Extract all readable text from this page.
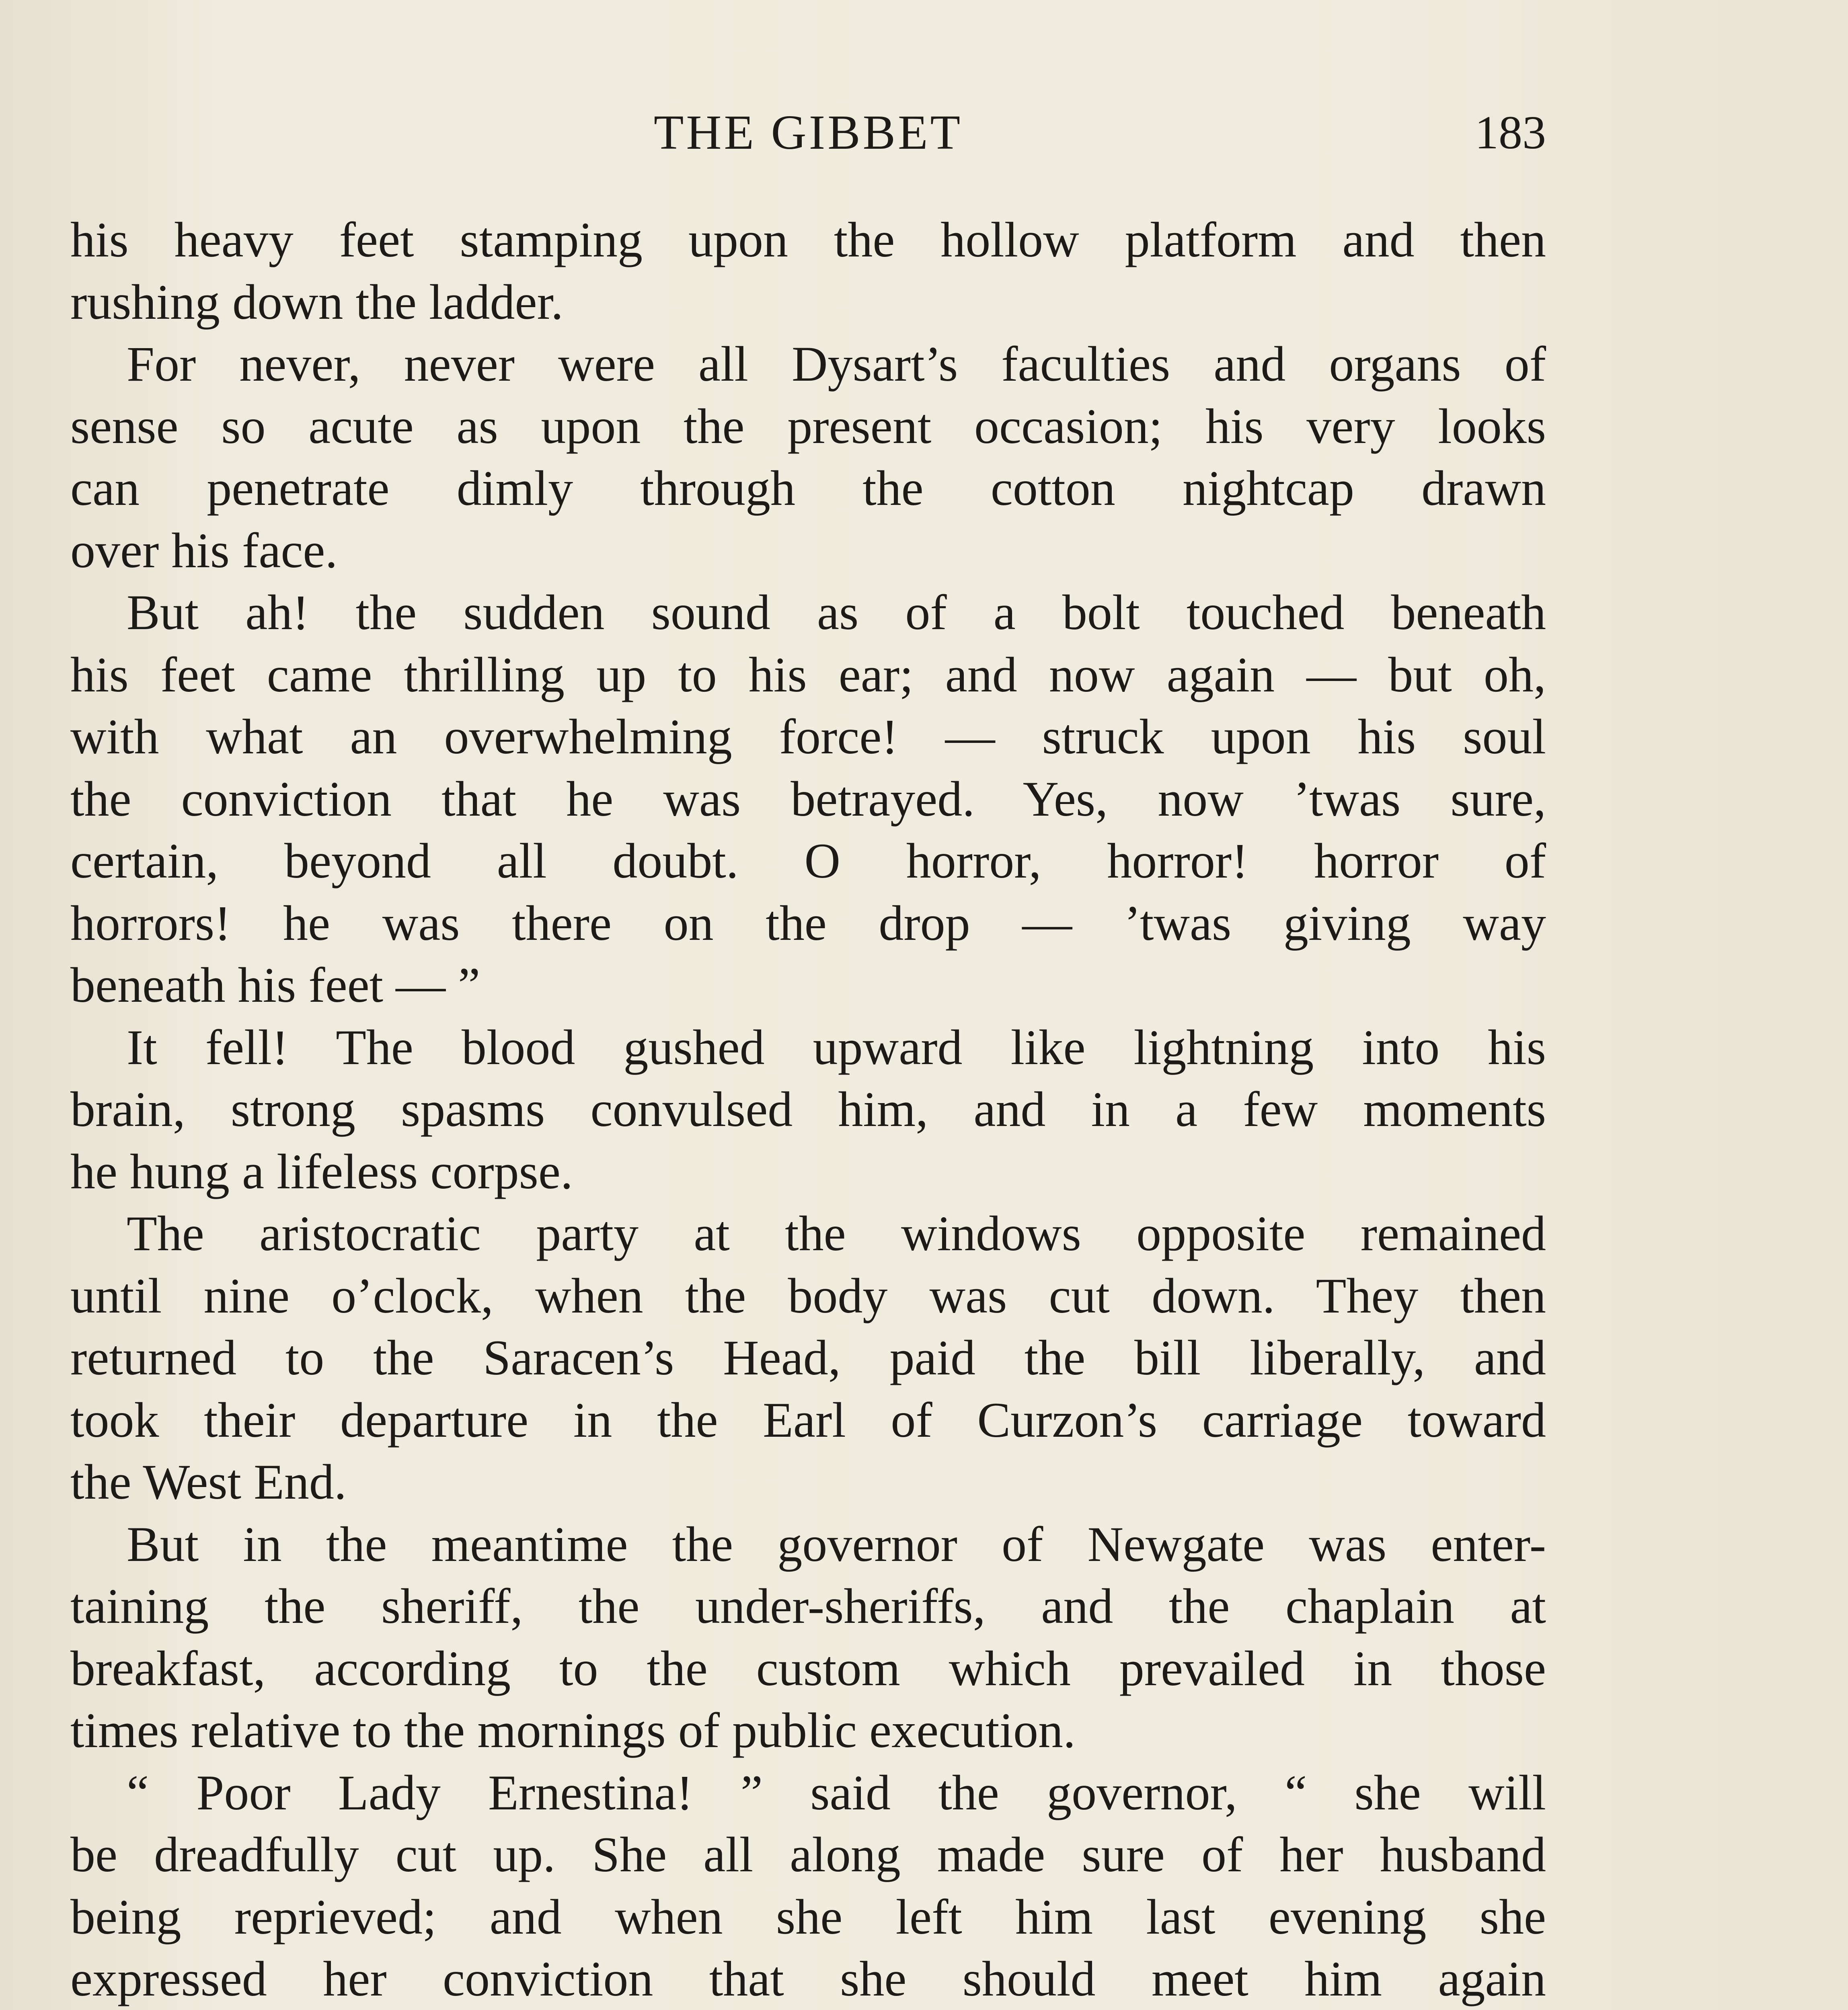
THE GIBBET	183
his heavy feet stamping upon the hollow platform and then
rushing down the ladder.
For never, never were all Dysart’s faculties and organs of
sense so acute as upon the present occasion; his very looks
can penetrate dimly through the cotton nightcap drawn
over his face.
But ah! the sudden sound as of a bolt touched beneath
his feet came thrilling up to his ear; and now again — but oh,
with what an overwhelming force! — struck upon his soul
the conviction that he was betrayed. Yes, now ’twas sure,
certain, beyond all doubt. O horror, horror! horror of
horrors! he was there on the drop — ’twas giving way
beneath his feet — ”
It fell! The blood gushed upward like lightning into his
brain, strong spasms convulsed him, and in a few moments
he hung a lifeless corpse.
The aristocratic party at the windows opposite remained
until nine o’clock, when the body was cut down. They then
returned to the Saracen’s Head, paid the bill liberally, and
took their departure in the Earl of Curzon’s carriage toward
the West End.
But in the meantime the governor of Newgate was enter-
taining the sheriff, the under-sheriffs, and the chaplain at
breakfast, according to the custom which prevailed in those
times relative to the mornings of public execution.
“ Poor Lady Ernestina! ” said the governor, “ she will
be dreadfully cut up. She all along made sure of her husband
being reprieved; and when she left him last evening she
expressed her conviction that she should meet him again
